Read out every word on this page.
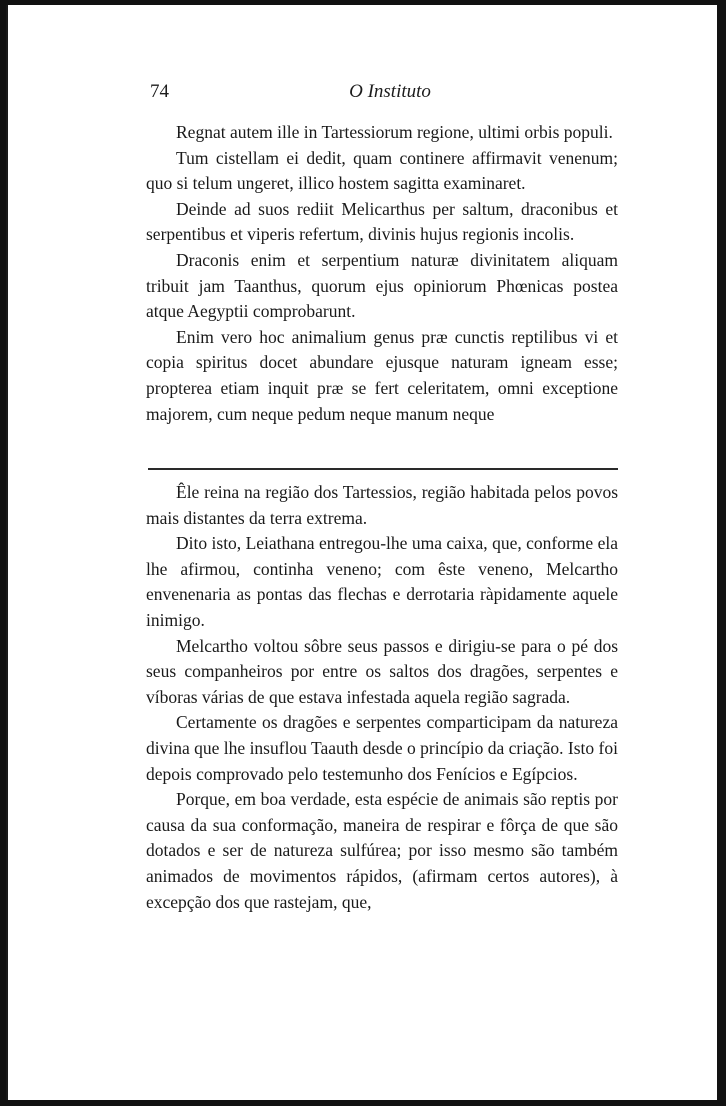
74	O Instituto

Regnat autem ille in Tartessiorum regione, ultimi orbis populi.

Tum cistellam ei dedit, quam continere affirmavit venenum; quo si telum ungeret, illico hostem sagitta examinaret.

Deinde ad suos rediit Melicarthus per saltum, draconibus et serpentibus et viperis refertum, divinis hujus regionis incolis.

Draconis enim et serpentium naturæ divinitatem aliquam tribuit jam Taanthus, quorum ejus opiniorum Phœnicas postea atque Aegyptii comprobarunt.

Enim vero hoc animalium genus præ cunctis reptilibus vi et copia spiritus docet abundare ejusque naturam igneam esse; propterea etiam inquit præ se fert celeritatem, omni exceptione majorem, cum neque pedum neque manum neque

Êle reina na região dos Tartessios, região habitada pelos povos mais distantes da terra extrema.

Dito isto, Leiathana entregou-lhe uma caixa, que, conforme ela lhe afirmou, continha veneno; com êste veneno, Melcartho envenenaria as pontas das flechas e derrotaria ràpidamente aquele inimigo.

Melcartho voltou sôbre seus passos e dirigiu-se para o pé dos seus companheiros por entre os saltos dos dragões, serpentes e víboras várias de que estava infestada aquela região sagrada.

Certamente os dragões e serpentes comparticipam da natureza divina que lhe insuflou Taauth desde o princípio da criação. Isto foi depois comprovado pelo testemunho dos Fenícios e Egípcios.

Porque, em boa verdade, esta espécie de animais são reptis por causa da sua conformação, maneira de respirar e fôrça de que são dotados e ser de natureza sulfúrea; por isso mesmo são também animados de movimentos rápidos, (afirmam certos autores), à excepção dos que rastejam, que,
